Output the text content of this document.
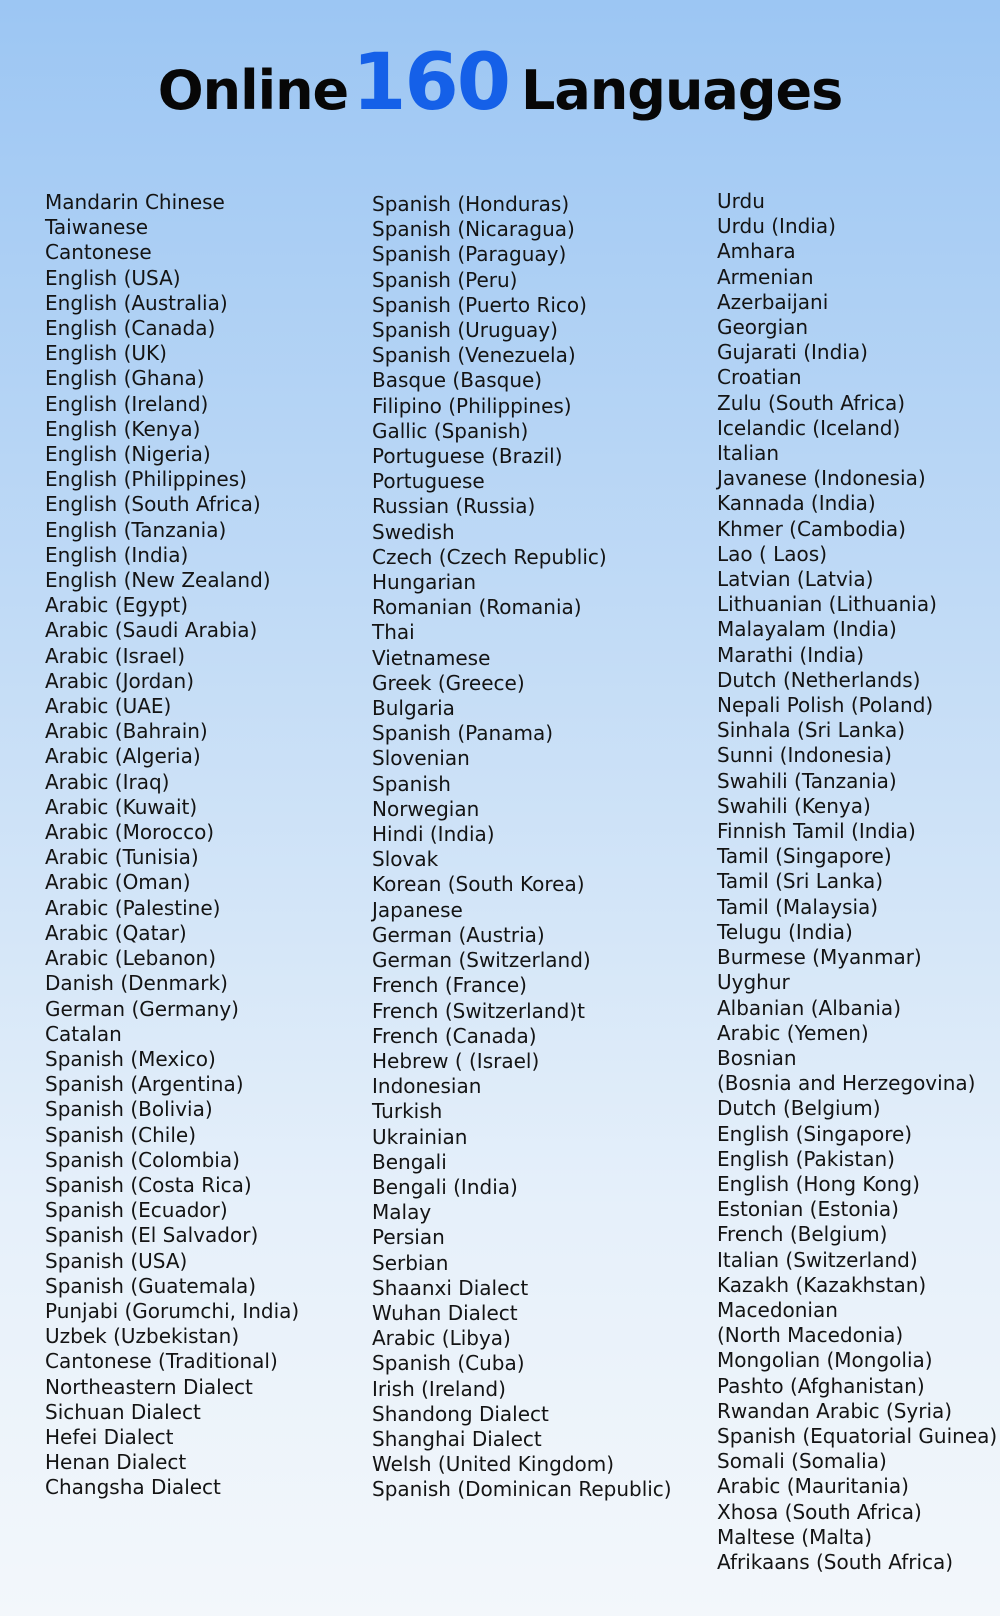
Online160 Languages
Mandarin Chinese
Taiwanese
Cantonese
English (USA)
English (Australia)
English (Canada)
English (UK)
English (Ghana)
English (Ireland)
English (Kenya)
English (Nigeria)
English (Philippines)
English (South Africa)
English (Tanzania)
English (India)
English (New Zealand)
Arabic (Egypt)
Arabic (Saudi Arabia)
Arabic (Israel)
Arabic (Jordan)
Arabic (UAE)
Arabic (Bahrain)
Arabic (Algeria)
Arabic (Iraq)
Arabic (Kuwait)
Arabic (Morocco)
Arabic (Tunisia)
Arabic (Oman)
Arabic (Palestine)
Arabic (Qatar)
Arabic (Lebanon)
Danish (Denmark)
German (Germany)
Catalan
Spanish (Mexico)
Spanish (Argentina)
Spanish (Bolivia)
Spanish (Chile)
Spanish (Colombia)
Spanish (Costa Rica)
Spanish (Ecuador)
Spanish (El Salvador)
Spanish (USA)
Spanish (Guatemala)
Punjabi (Gorumchi, India)
Uzbek (Uzbekistan)
Cantonese (Traditional)
Northeastern Dialect
Sichuan Dialect
Hefei Dialect
Henan Dialect
Changsha Dialect
Spanish (Honduras)
Spanish (Nicaragua)
Spanish (Paraguay)
Spanish (Peru)
Spanish (Puerto Rico)
Spanish (Uruguay)
Spanish (Venezuela)
Basque (Basque)
Filipino (Philippines)
Gallic (Spanish)
Portuguese (Brazil)
Portuguese
Russian (Russia)
Swedish
Czech (Czech Republic)
Hungarian
Romanian (Romania)
Thai
Vietnamese
Greek (Greece)
Bulgaria
Spanish (Panama)
Slovenian
Spanish
Norwegian
Hindi (India)
Slovak
Korean (South Korea)
Japanese
German (Austria)
German (Switzerland)
French (France)
French (Switzerland)t
French (Canada)
Hebrew ( (Israel)
Indonesian
Turkish
Ukrainian
Bengali
Bengali (India)
Malay
Persian
Serbian
Shaanxi Dialect
Wuhan Dialect
Arabic (Libya)
Spanish (Cuba)
Irish (Ireland)
Shandong Dialect
Shanghai Dialect
Welsh (United Kingdom)
Spanish (Dominican Republic)
Urdu
Urdu (India)
Amhara
Armenian
Azerbaijani
Georgian
Gujarati (India)
Croatian
Zulu (South Africa)
Icelandic (Iceland)
Italian
Javanese (Indonesia)
Kannada (India)
Khmer (Cambodia)
Lao ( Laos)
Latvian (Latvia)
Lithuanian (Lithuania)
Malayalam (India)
Marathi (India)
Dutch (Netherlands)
Nepali Polish (Poland)
Sinhala (Sri Lanka)
Sunni (Indonesia)
Swahili (Tanzania)
Swahili (Kenya)
Finnish Tamil (India)
Tamil (Singapore)
Tamil (Sri Lanka)
Tamil (Malaysia)
Telugu (India)
Burmese (Myanmar)
Uyghur
Albanian (Albania)
Arabic (Yemen)
Bosnian
(Bosnia and Herzegovina)
Dutch (Belgium)
English (Singapore)
English (Pakistan)
English (Hong Kong)
Estonian (Estonia)
French (Belgium)
Italian (Switzerland)
Kazakh (Kazakhstan)
Macedonian
(North Macedonia)
Mongolian (Mongolia)
Pashto (Afghanistan)
Rwandan Arabic (Syria)
Spanish (Equatorial Guinea)
Somali (Somalia)
Arabic (Mauritania)
Xhosa (South Africa)
Maltese (Malta)
Afrikaans (South Africa)
